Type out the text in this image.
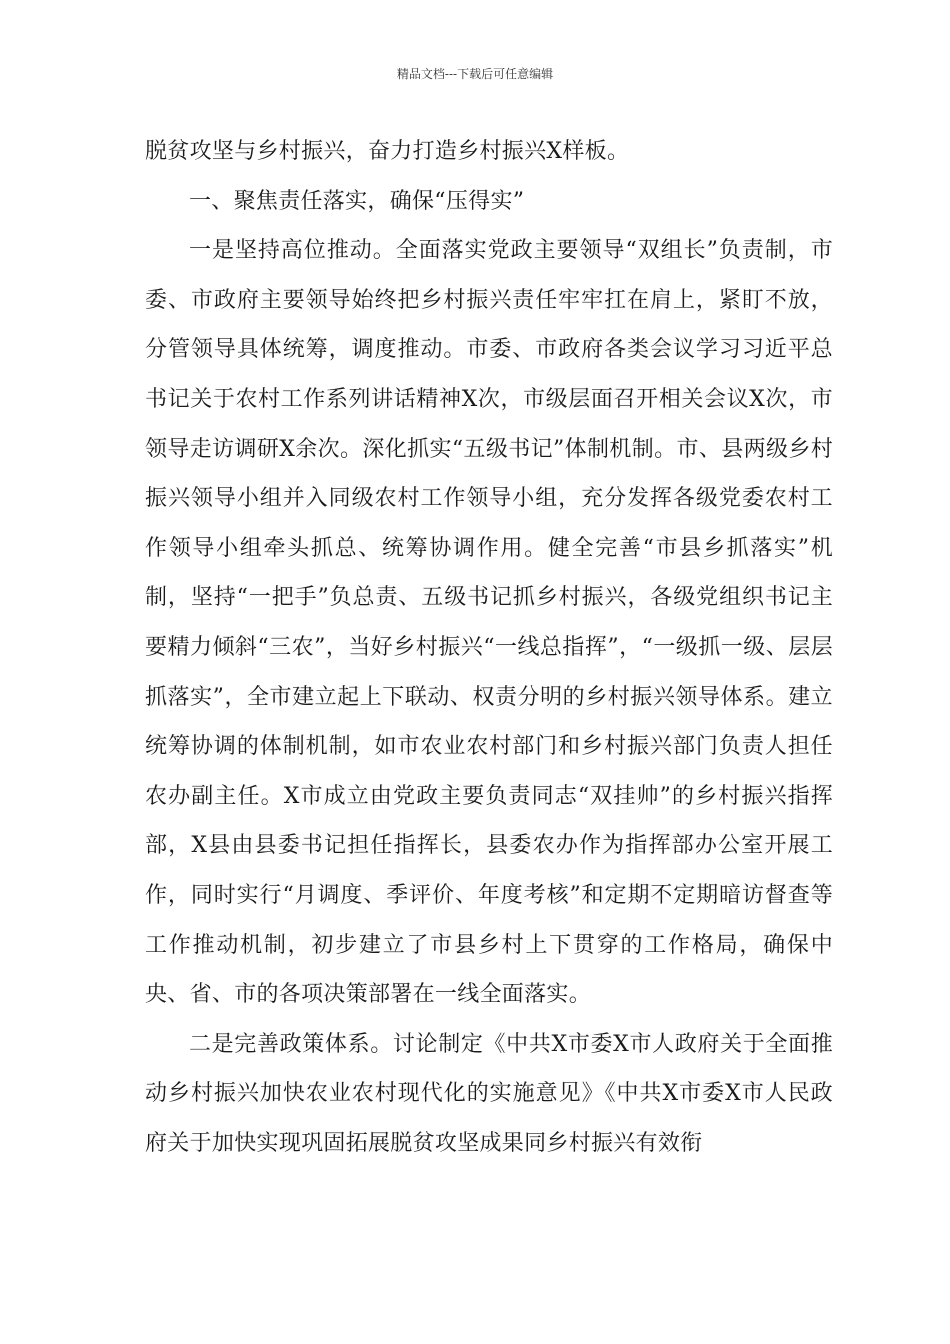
精品文档---下载后可任意编辑

脱贫攻坚与乡村振兴，奋力打造乡村振兴X样板。

一、聚焦责任落实，确保“压得实”

一是坚持高位推动。全面落实党政主要领导“双组长”负责制，市委、市政府主要领导始终把乡村振兴责任牢牢扛在肩上，紧盯不放，分管领导具体统筹，调度推动。市委、市政府各类会议学习习近平总书记关于农村工作系列讲话精神X次，市级层面召开相关会议X次，市领导走访调研X余次。深化抓实“五级书记”体制机制。市、县两级乡村振兴领导小组并入同级农村工作领导小组，充分发挥各级党委农村工作领导小组牵头抓总、统筹协调作用。健全完善“市县乡抓落实”机制，坚持“一把手”负总责、五级书记抓乡村振兴，各级党组织书记主要精力倾斜“三农”，当好乡村振兴“一线总指挥”，“一级抓一级、层层抓落实”，全市建立起上下联动、权责分明的乡村振兴领导体系。建立统筹协调的体制机制，如市农业农村部门和乡村振兴部门负责人担任农办副主任。X市成立由党政主要负责同志“双挂帅”的乡村振兴指挥部，X县由县委书记担任指挥长，县委农办作为指挥部办公室开展工作，同时实行“月调度、季评价、年度考核”和定期不定期暗访督查等工作推动机制，初步建立了市县乡村上下贯穿的工作格局，确保中央、省、市的各项决策部署在一线全面落实。

二是完善政策体系。讨论制定《中共X市委X市人政府关于全面推动乡村振兴加快农业农村现代化的实施意见》《中共X市委X市人民政府关于加快实现巩固拓展脱贫攻坚成果同乡村振兴有效衔
